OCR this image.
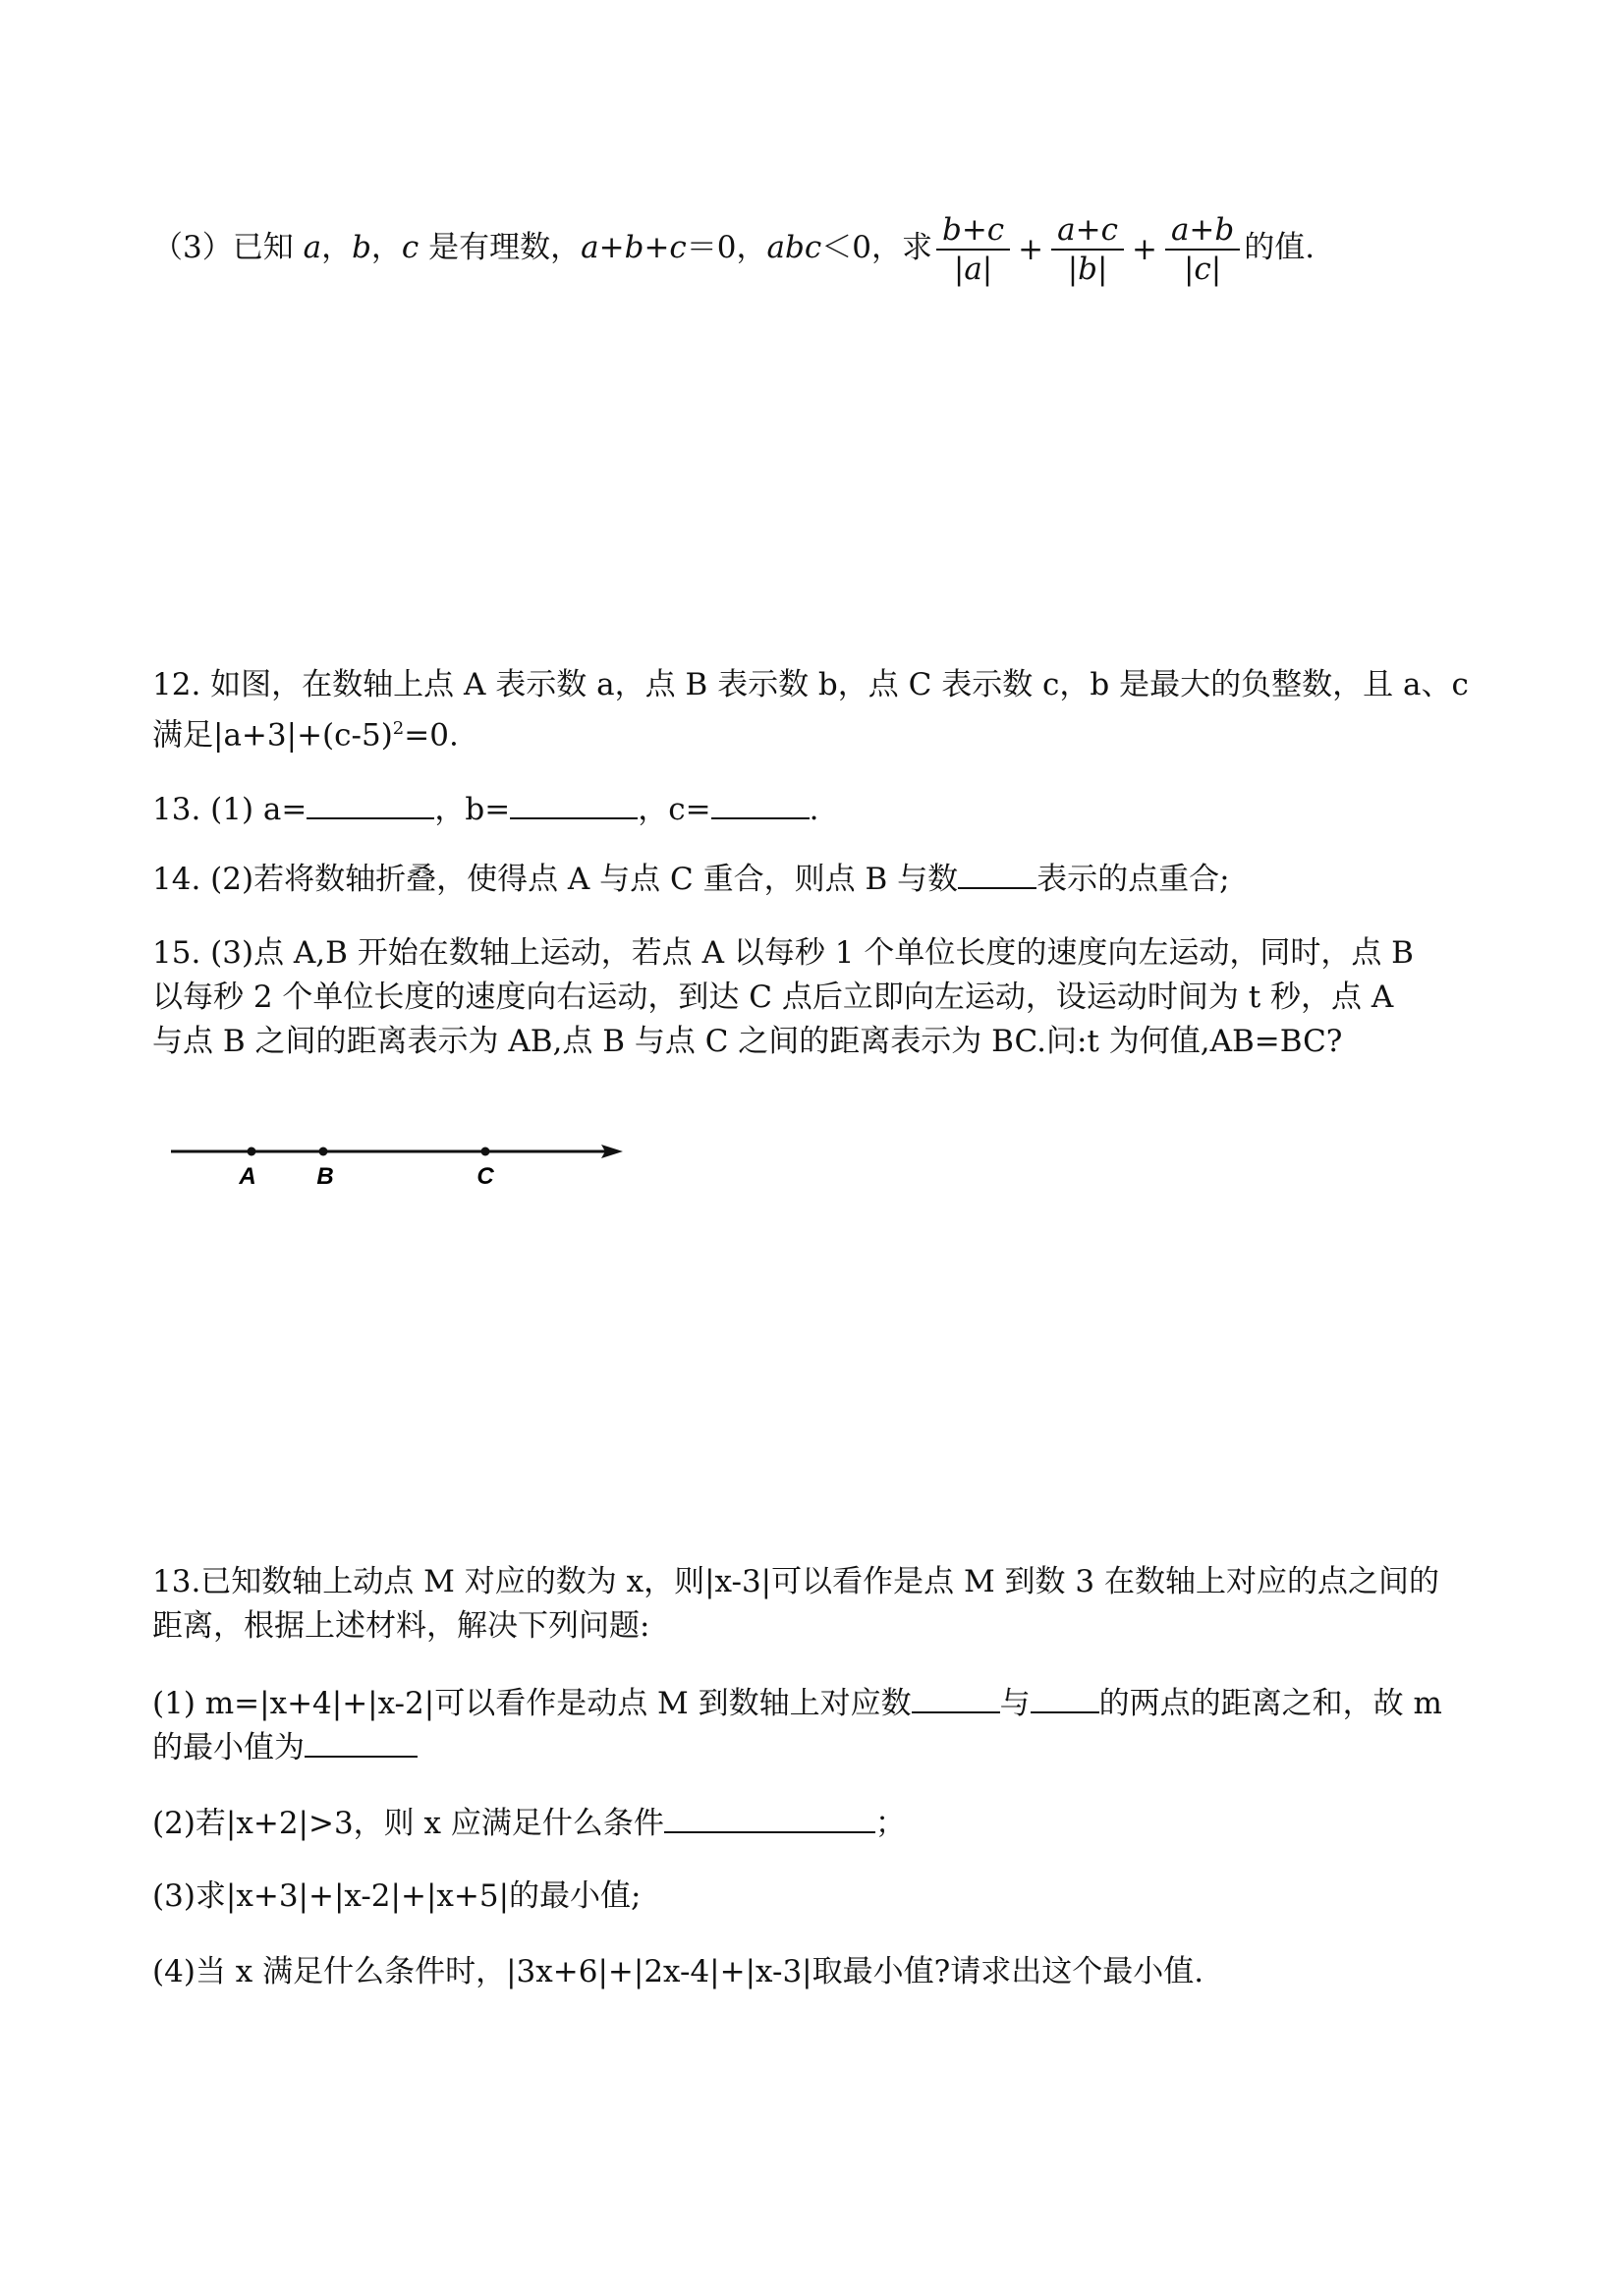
（3）已知 a，b，c 是有理数，a+b+c＝0，abc＜0，求 $\frac{b+c}{|a|} + \frac{a+c}{|b|} + \frac{a+b}{|c|}$ 的值.
12. 如图，在数轴上点 A 表示数 a，点 B 表示数 b，点 C 表示数 c，b 是最大的负整数，且 a、c
满足$|a+3|+(c-5)^2=0$.
13. (1) a=	，b=	，c=	.
14. (2)若将数轴折叠，使得点 A 与点 C 重合，则点 B 与数	表示的点重合;
15. (3)点 A,B 开始在数轴上运动，若点 A 以每秒 1 个单位长度的速度向左运动，同时，点 B
以每秒 2 个单位长度的速度向右运动，到达 C 点后立即向左运动，设运动时间为 t 秒，点 A
与点 B 之间的距离表示为 AB,点 B 与点 C 之间的距离表示为 BC.问:t 为何值,AB=BC?
A	B	C
13.已知数轴上动点 M 对应的数为 x，则|x-3|可以看作是点 M 到数 3 在数轴上对应的点之间的
距离，根据上述材料，解决下列问题:
(1) m=|x+4|+|x-2|可以看作是动点 M 到数轴上对应数	与 的两点的距离之和，故 m
的最小值为
(2)若|x+2|>3，则 x 应满足什么条件	；
(3)求|x+3|+|x-2|+|x+5|的最小值;
(4)当 x 满足什么条件时，|3x+6|+|2x-4|+|x-3|取最小值?请求出这个最小值.
